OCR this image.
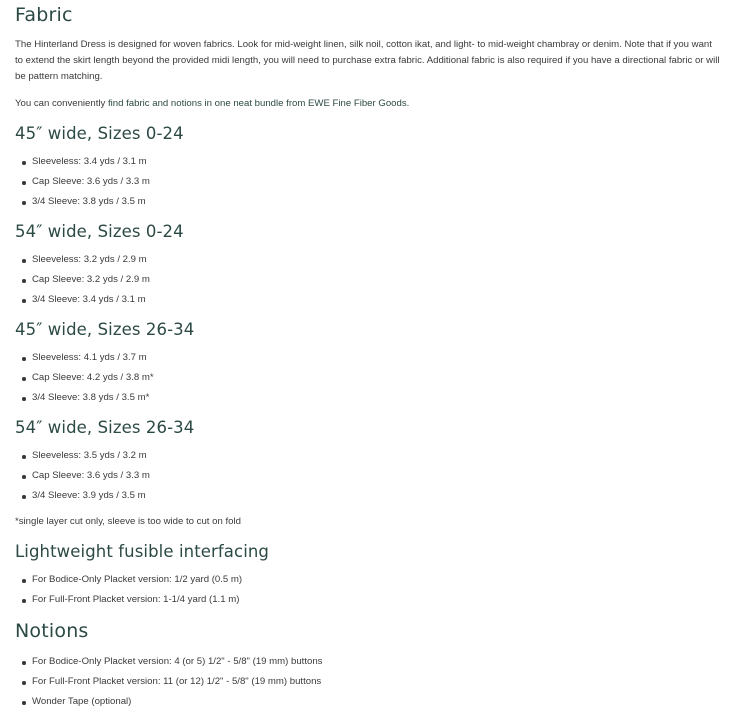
Fabric

The Hinterland Dress is designed for woven fabrics. Look for mid-weight linen, silk noil, cotton ikat, and light- to mid-weight chambray or denim. Note that if you want to extend the skirt length beyond the provided midi length, you will need to purchase extra fabric. Additional fabric is also required if you have a directional fabric or will be pattern matching.

You can conveniently find fabric and notions in one neat bundle from EWE Fine Fiber Goods.

45″ wide, Sizes 0-24
Sleeveless: 3.4 yds / 3.1 m
Cap Sleeve: 3.6 yds / 3.3 m
3/4 Sleeve: 3.8 yds / 3.5 m
54″ wide, Sizes 0-24
Sleeveless: 3.2 yds / 2.9 m
Cap Sleeve: 3.2 yds / 2.9 m
3/4 Sleeve: 3.4 yds / 3.1 m
45″ wide, Sizes 26-34
Sleeveless: 4.1 yds / 3.7 m
Cap Sleeve: 4.2 yds / 3.8 m*
3/4 Sleeve: 3.8 yds / 3.5 m*
54″ wide, Sizes 26-34
Sleeveless: 3.5 yds / 3.2 m
Cap Sleeve: 3.6 yds / 3.3 m
3/4 Sleeve: 3.9 yds / 3.5 m

*single layer cut only, sleeve is too wide to cut on fold

Lightweight fusible interfacing
For Bodice-Only Placket version: 1/2 yard (0.5 m)
For Full-Front Placket version: 1-1/4 yard (1.1 m)
Notions
For Bodice-Only Placket version: 4 (or 5) 1/2" - 5/8" (19 mm) buttons
For Full-Front Placket version: 11 (or 12) 1/2" - 5/8" (19 mm) buttons
Wonder Tape (optional)
